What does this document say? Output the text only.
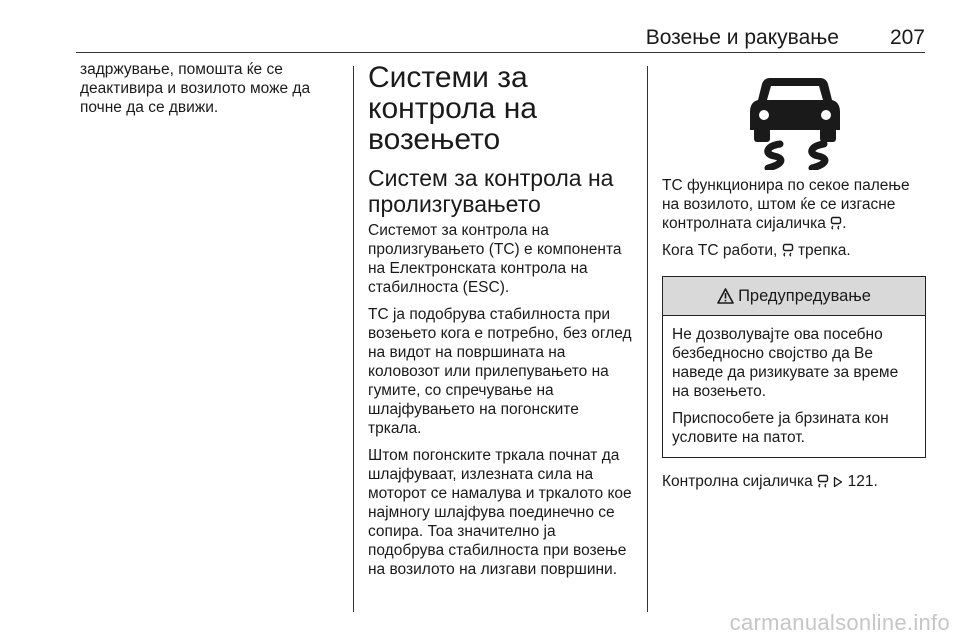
Возење и ракување 207

задржување, помошта ќе се деактивира и возилото може да почне да се движи.

Системи за контрола на возењето
Систем за контрола на пролизгувањето

Системот за контрола на пролизгувањето (TC) е компонента на Електронската контрола на стабилноста (ESC).

TC ја подобрува стабилноста при возењето кога е потребно, без оглед на видот на површината на коловозот или прилепувањето на гумите, со спречување на шлајфувањето на погонските тркала.

Штом погонските тркала почнат да шлајфуваат, излезната сила на моторот се намалува и тркалото кое најмногу шлајфува поединечно се сопира. Тоа значително ја подобрува стабилноста при возење на возилото на лизгави површини.

TC функционира по секое палење на возилото, штом ќе се изгасне контролната сијаличка .

Кога TC работи, трепка.

Предупредување

Не дозволувајте ова посебно безбедносно својство да Ве наведе да ризикувате за време на возењето.

Приспособете ја брзината кон условите на патот.

Контролна сијаличка 121.

carmanualsonline.info
